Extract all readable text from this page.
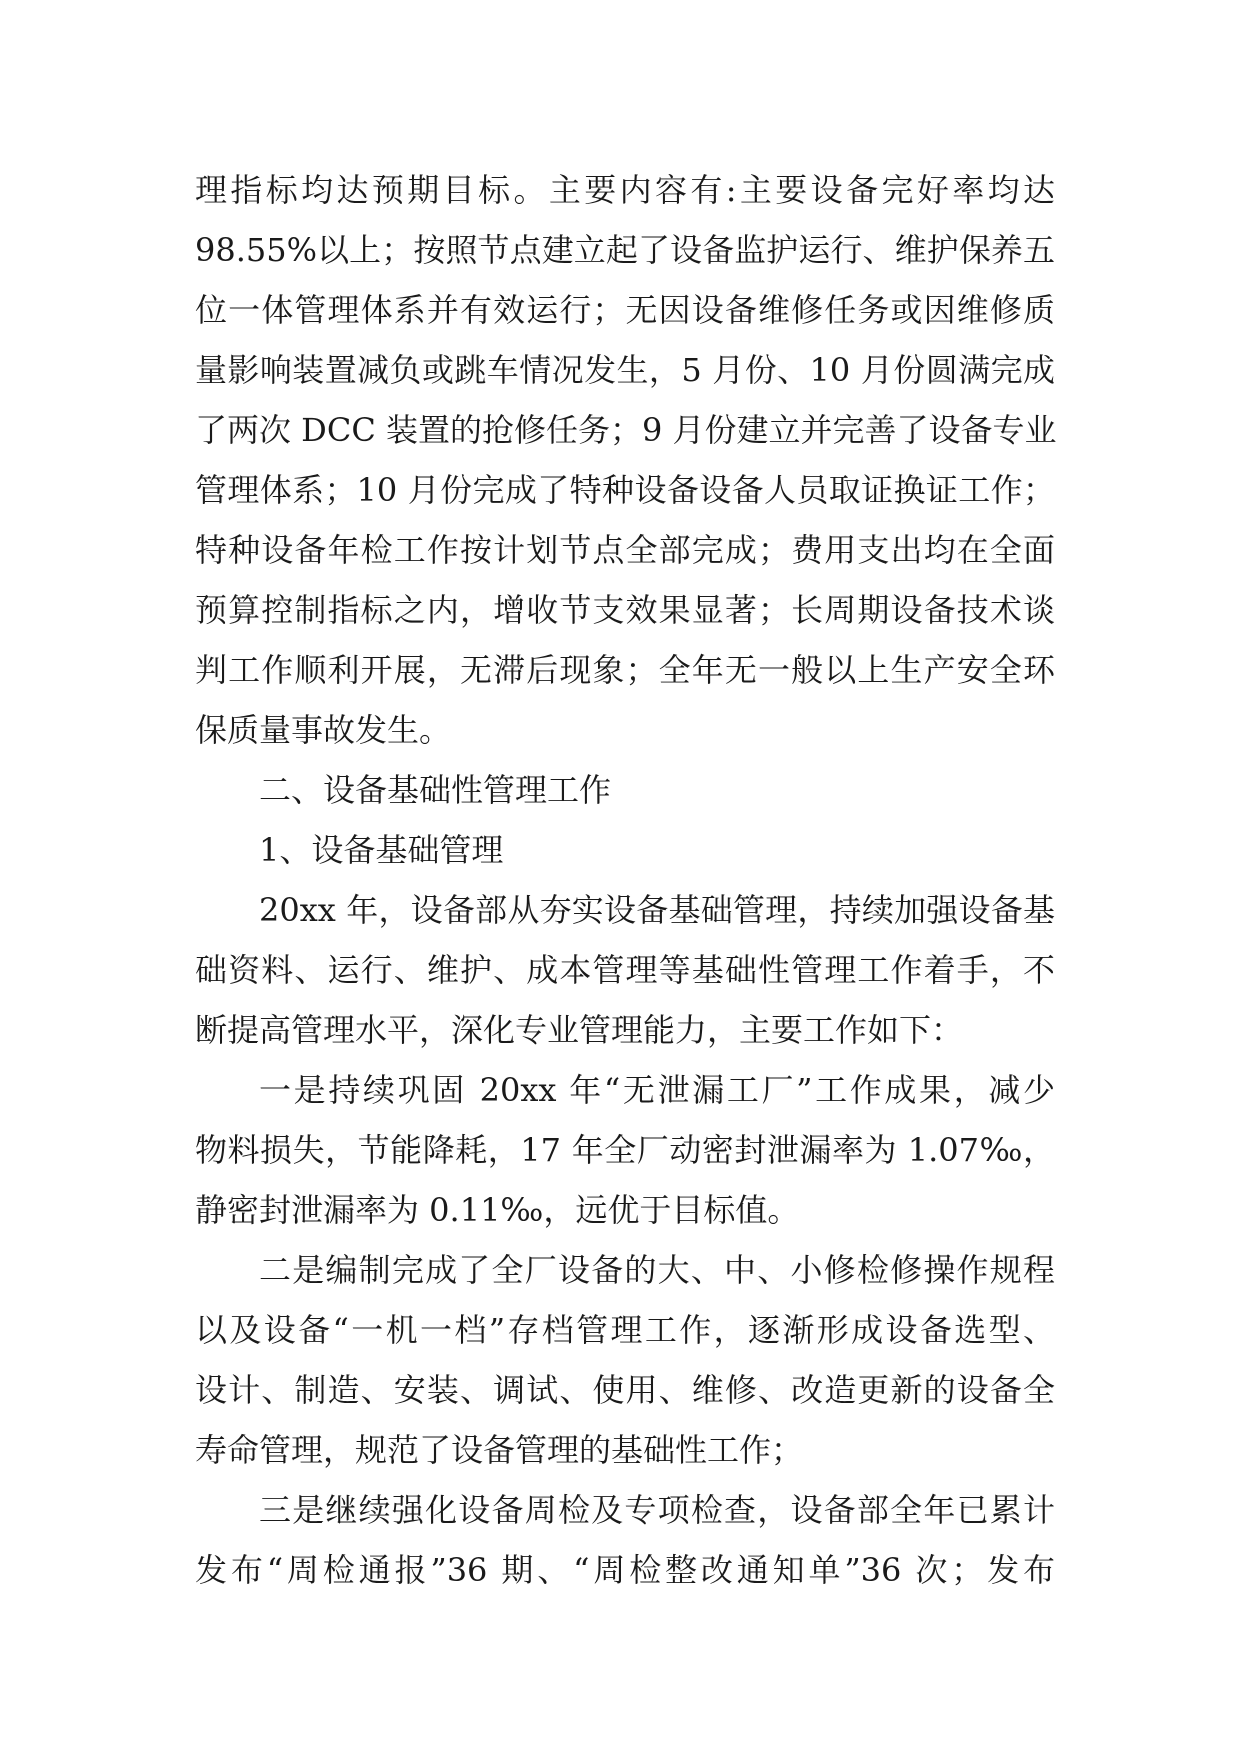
理指标均达预期目标。主要内容有:主要设备完好率均达
98.55%以上；按照节点建立起了设备监护运行、维护保养五
位一体管理体系并有效运行；无因设备维修任务或因维修质
量影响装置减负或跳车情况发生，5 月份、10 月份圆满完成
了两次 DCC 装置的抢修任务；9 月份建立并完善了设备专业
管理体系；10 月份完成了特种设备设备人员取证换证工作；
特种设备年检工作按计划节点全部完成；费用支出均在全面
预算控制指标之内，增收节支效果显著；长周期设备技术谈
判工作顺利开展，无滞后现象；全年无一般以上生产安全环
保质量事故发生。
二、设备基础性管理工作
1、设备基础管理
20xx 年，设备部从夯实设备基础管理，持续加强设备基
础资料、运行、维护、成本管理等基础性管理工作着手，不
断提高管理水平，深化专业管理能力，主要工作如下：
一是持续巩固 20xx 年“无泄漏工厂”工作成果，减少
物料损失，节能降耗，17 年全厂动密封泄漏率为 1.07‰，
静密封泄漏率为 0.11‰，远优于目标值。
二是编制完成了全厂设备的大、中、小修检修操作规程
以及设备“一机一档”存档管理工作，逐渐形成设备选型、
设计、制造、安装、调试、使用、维修、改造更新的设备全
寿命管理，规范了设备管理的基础性工作；
三是继续强化设备周检及专项检查，设备部全年已累计
发布“周检通报”36 期、“周检整改通知单”36 次；发布
